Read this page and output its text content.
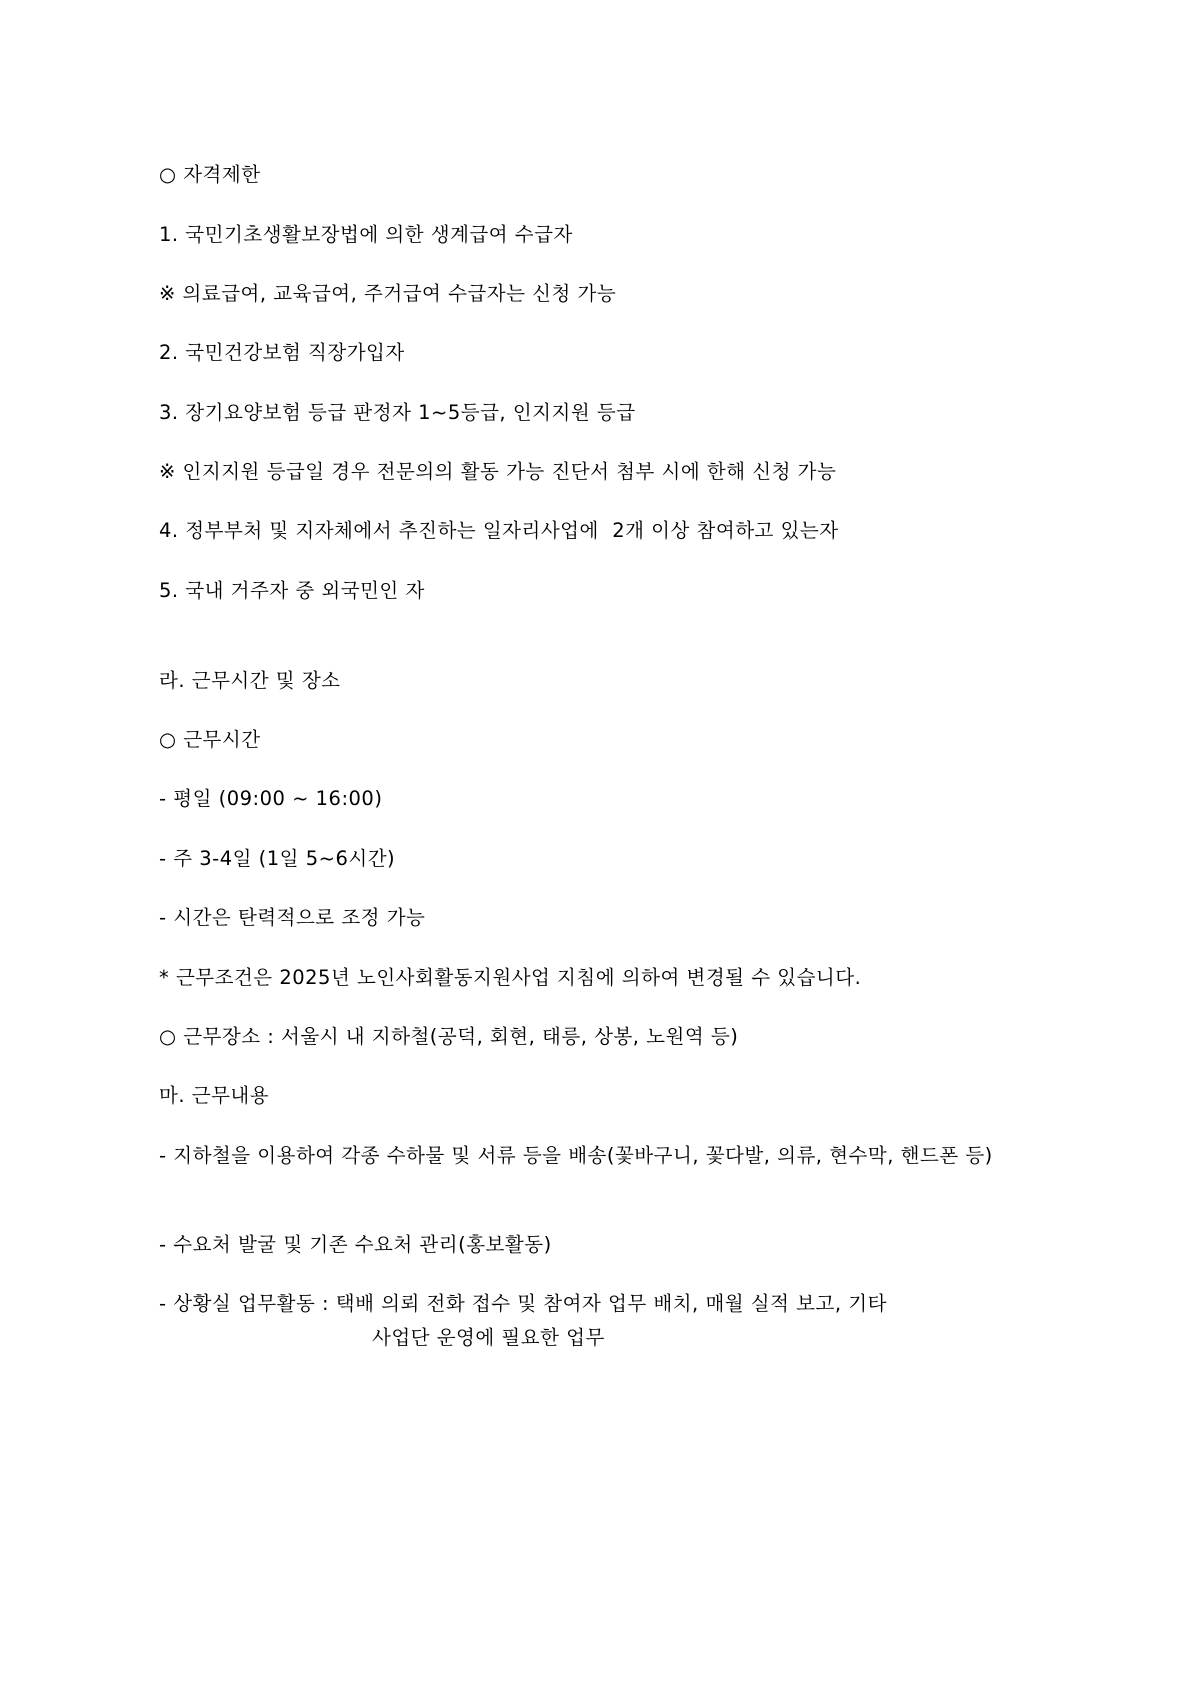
○ 자격제한
1. 국민기초생활보장법에 의한 생계급여 수급자
※ 의료급여, 교육급여, 주거급여 수급자는 신청 가능
2. 국민건강보험 직장가입자
3. 장기요양보험 등급 판정자 1~5등급, 인지지원 등급
※ 인지지원 등급일 경우 전문의의 활동 가능 진단서 첨부 시에 한해 신청 가능
4. 정부부처 및 지자체에서 추진하는 일자리사업에  2개 이상 참여하고 있는자
5. 국내 거주자 중 외국민인 자
라. 근무시간 및 장소
○ 근무시간
- 평일 (09:00 ~ 16:00)
- 주 3-4일 (1일 5~6시간)
- 시간은 탄력적으로 조정 가능
* 근무조건은 2025년 노인사회활동지원사업 지침에 의하여 변경될 수 있습니다.
○ 근무장소 : 서울시 내 지하철(공덕, 회현, 태릉, 상봉, 노원역 등)
마. 근무내용
- 지하철을 이용하여 각종 수하물 및 서류 등을 배송(꽃바구니, 꽃다발, 의류, 현수막, 핸드폰 등)
- 수요처 발굴 및 기존 수요처 관리(홍보활동)
- 상황실 업무활동 : 택배 의뢰 전화 접수 및 참여자 업무 배치, 매월 실적 보고, 기타
사업단 운영에 필요한 업무
